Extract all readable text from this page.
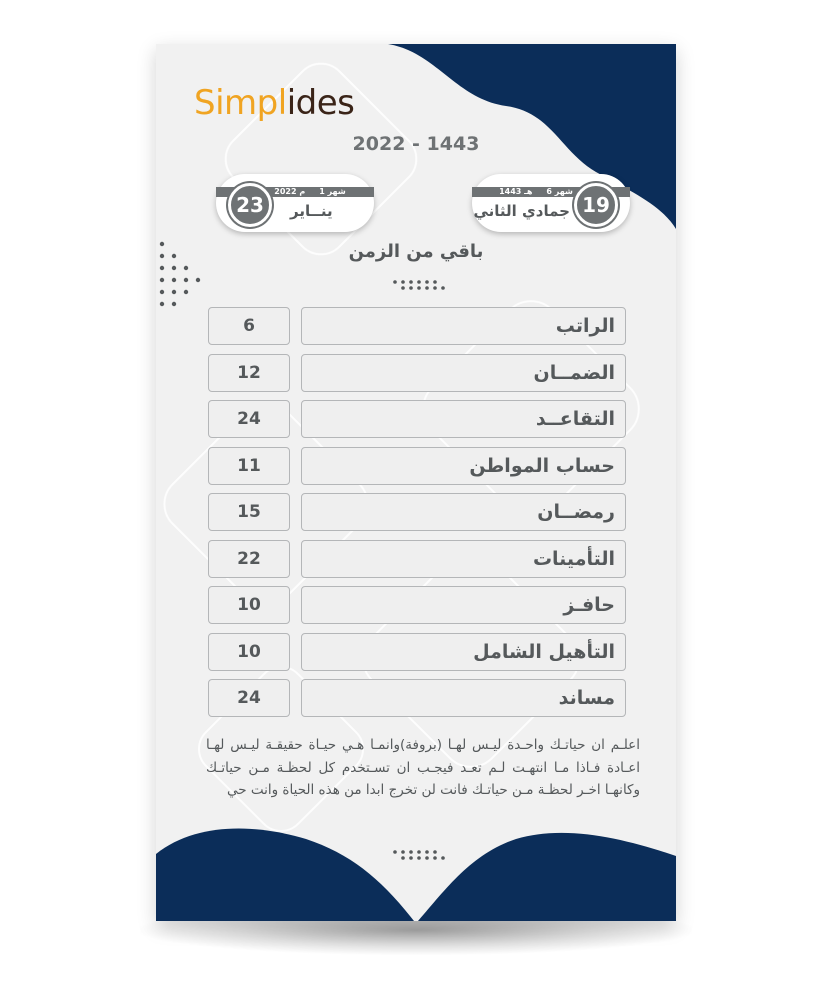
Simplides

2022 - 1443

2022 م شهر 1
23	ينــاير
1443 هـ شهر 6
19
جمادي الثاني

باقي من الزمن

6	الراتب
12	الضمــان
24	التقاعــد
11	حساب المواطن
15	رمضــان
22	التأمينات
10	حافـز
10	التأهيل الشامل
24	مساند

اعلـم ان حياتـك واحـدة ليـس لهـا (بروفة)وانمـا هـي حيـاة حقيقـة ليـس لهـا اعـادة فـاذا مـا انتهـت لـم تعـد فيجـب ان تسـتخدم كل لحظـة مـن حياتـك وكانهـا اخـر لحظـة مـن حياتـك فانت لن تخرج ابدا من هذه الحياة وانت حي
